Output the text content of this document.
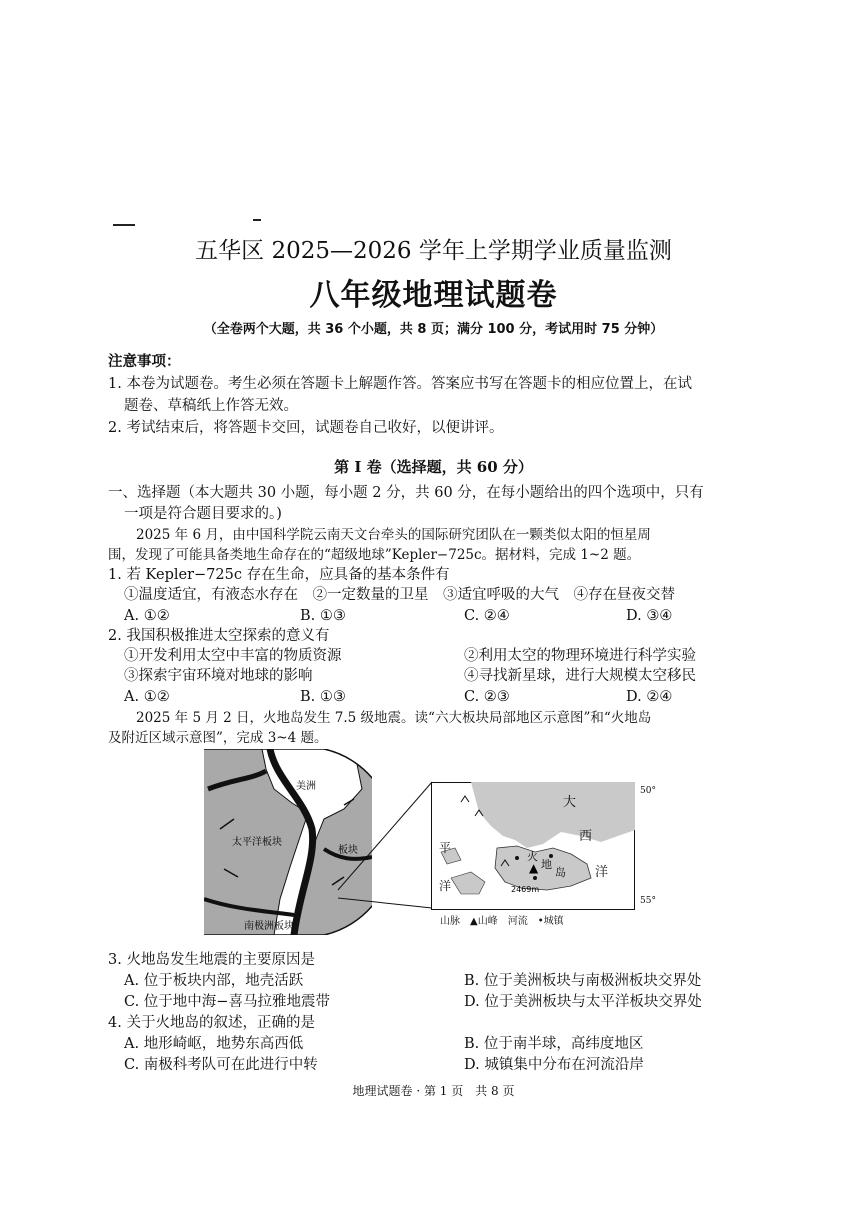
五华区 2025—2026 学年上学期学业质量监测
八年级地理试题卷
（全卷两个大题，共 36 个小题，共 8 页；满分 100 分，考试用时 75 分钟）
注意事项：
1. 本卷为试题卷。考生必须在答题卡上解题作答。答案应书写在答题卡的相应位置上，在试
题卷、草稿纸上作答无效。
2. 考试结束后，将答题卡交回，试题卷自己收好，以便讲评。
第 I 卷（选择题，共 60 分）
一、选择题（本大题共 30 小题，每小题 2 分，共 60 分，在每小题给出的四个选项中，只有
一项是符合题目要求的。)
2025 年 6 月，由中国科学院云南天文台牵头的国际研究团队在一颗类似太阳的恒星周
围，发现了可能具备类地生命存在的“超级地球”Kepler−725c。据材料，完成 1~2 题。
1. 若 Kepler−725c 存在生命，应具备的基本条件有
①温度适宜，有液态水存在　②一定数量的卫星　③适宜呼吸的大气　④存在昼夜交替
A. ①②	B. ①③	C. ②④	D. ③④
2. 我国积极推进太空探索的意义有
①开发利用太空中丰富的物质资源	②利用太空的物理环境进行科学实验
③探索宇宙环境对地球的影响	④寻找新星球，进行大规模太空移民
A. ①②	B. ①③	C. ②③	D. ②④
2025 年 5 月 2 日，火地岛发生 7.5 级地震。读“六大板块局部地区示意图”和“火地岛
及附近区域示意图”，完成 3~4 题。
美洲
太平洋板块
板块
南极洲板块
▲
2469m
太
平
洋
大
西
洋
火
地
岛
50°
55°
山脉　▲山峰　河流　•城镇
3. 火地岛发生地震的主要原因是
A. 位于板块内部，地壳活跃	B. 位于美洲板块与南极洲板块交界处
C. 位于地中海−喜马拉雅地震带	D. 位于美洲板块与太平洋板块交界处
4. 关于火地岛的叙述，正确的是
A. 地形崎岖，地势东高西低	B. 位于南半球，高纬度地区
C. 南极科考队可在此进行中转	D. 城镇集中分布在河流沿岸
地理试题卷 · 第 1 页　共 8 页
